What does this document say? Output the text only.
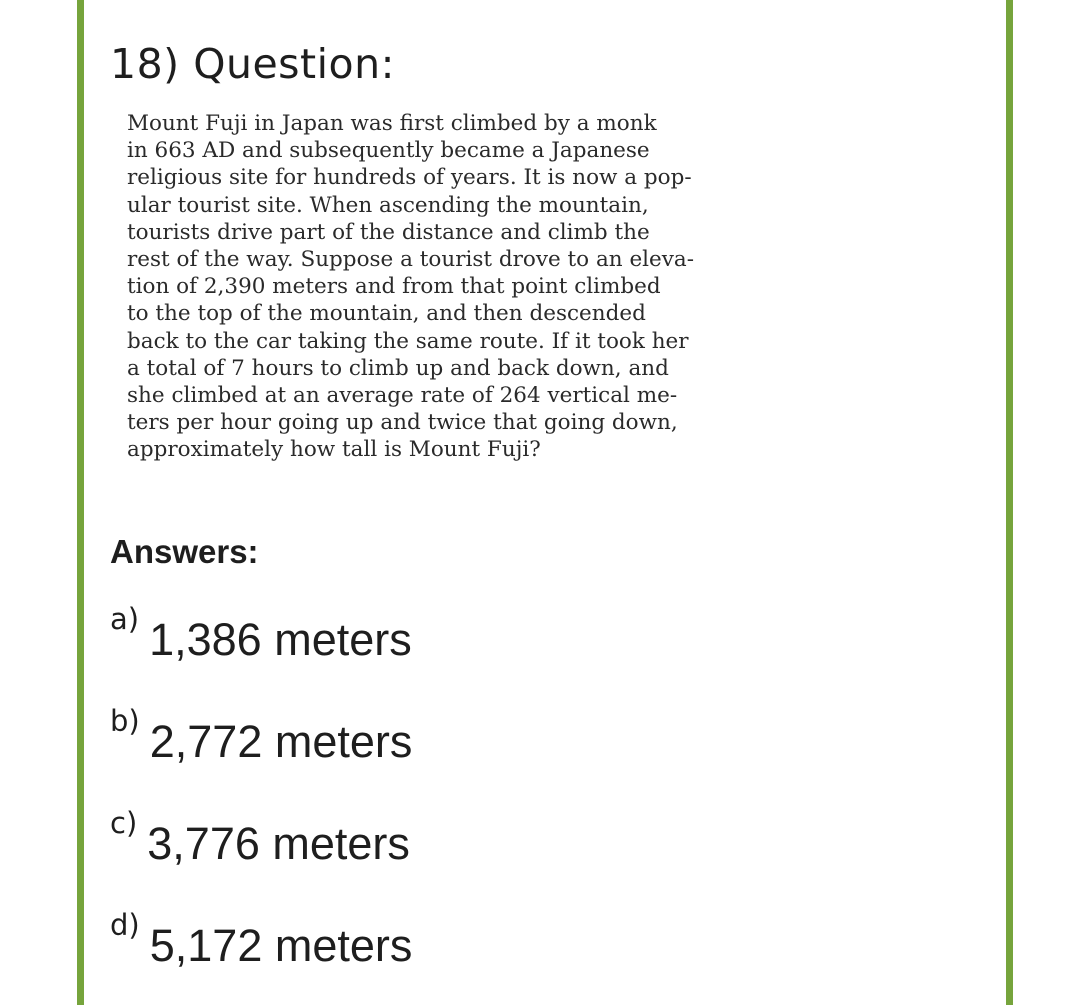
18) Question:
Mount Fuji in Japan was first climbed by a monk
in 663 AD and subsequently became a Japanese
religious site for hundreds of years. It is now a pop-
ular tourist site. When ascending the mountain,
tourists drive part of the distance and climb the
rest of the way. Suppose a tourist drove to an eleva-
tion of 2,390 meters and from that point climbed
to the top of the mountain, and then descended
back to the car taking the same route. If it took her
a total of 7 hours to climb up and back down, and
she climbed at an average rate of 264 vertical me-
ters per hour going up and twice that going down,
approximately how tall is Mount Fuji?
Answers:
a) 1,386 meters
b) 2,772 meters
c) 3,776 meters
d) 5,172 meters
